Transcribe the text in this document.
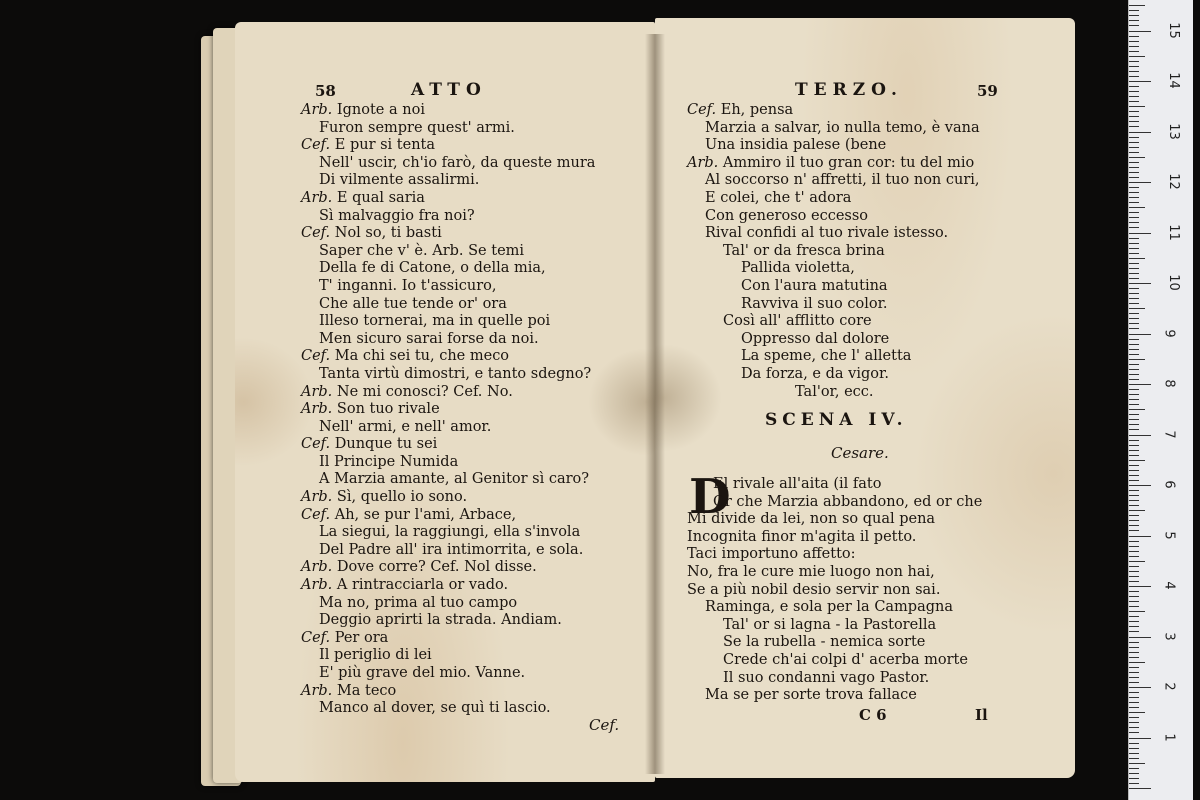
58	ATTO
Arb. Ignote a noi
Furon sempre quest' armi.
Cef. E pur si tenta
Nell' uscir, ch'io farò, da queste mura
Di vilmente assalirmi.
Arb. E qual saria
Sì malvaggio fra noi?
Cef. Nol so, ti basti
Saper che v' è. Arb. Se temi
Della fe di Catone, o della mia,
T' inganni. Io t'assicuro,
Che alle tue tende or' ora
Illeso tornerai, ma in quelle poi
Men sicuro sarai forse da noi.
Cef. Ma chi sei tu, che meco
Tanta virtù dimostri, e tanto sdegno?
Arb. Ne mi conosci? Cef. No.
Arb. Son tuo rivale
Nell' armi, e nell' amor.
Cef. Dunque tu sei
Il Principe Numida
A Marzia amante, al Genitor sì caro?
Arb. Sì, quello io sono.
Cef. Ah, se pur l'ami, Arbace,
La siegui, la raggiungi, ella s'invola
Del Padre all' ira intimorrita, e sola.
Arb. Dove corre? Cef. Nol disse.
Arb. A rintracciarla or vado.
Ma no, prima al tuo campo
Deggio aprirti la strada. Andiam.
Cef. Per ora
Il periglio di lei
E' più grave del mio. Vanne.
Arb. Ma teco
Manco al dover, se quì ti lascio.
Cef.
TERZO.	59
Cef. Eh, pensa
Marzia a salvar, io nulla temo, è vana
Una insidia palese (bene
Arb. Ammiro il tuo gran cor: tu del mio
Al soccorso n' affretti, il tuo non curi,
E colei, che t' adora
Con generoso eccesso
Rival confidi al tuo rivale istesso.
Tal' or da fresca brina
Pallida violetta,
Con l'aura matutina
Ravviva il suo color.
Così all' afflitto core
Oppresso dal dolore
La speme, che l' alletta
Da forza, e da vigor.
Tal'or, ecc.
SCENA IV.
Cesare.
D
El rivale all'aita (il fato
Or che Marzia abbandono, ed or che
Mi divide da lei, non so qual pena
Incognita finor m'agita il petto.
Taci importuno affetto:
No, fra le cure mie luogo non hai,
Se a più nobil desio servir non sai.
Raminga, e sola per la Campagna
Tal' or si lagna - la Pastorella
Se la rubella - nemica sorte
Crede ch'ai colpi d' acerba morte
Il suo condanni vago Pastor.
Ma se per sorte trova fallace
C 6	Il
1
2
3
4
5
6
7
8
9
10
11
12
13
14
15
